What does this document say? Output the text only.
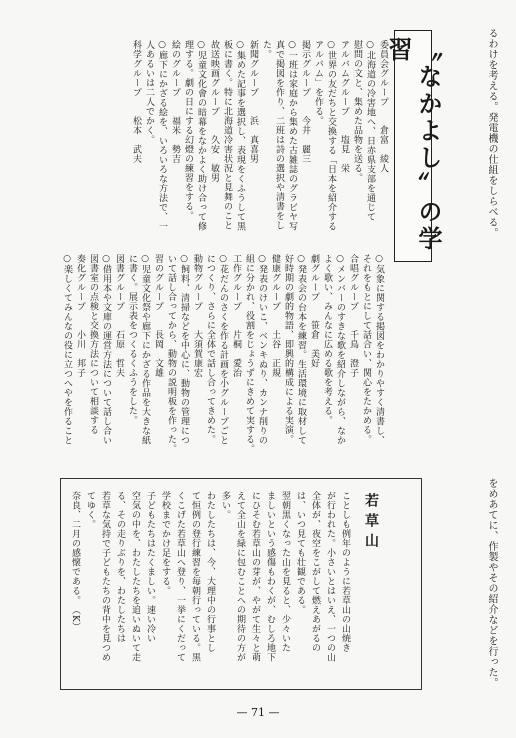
るわけを考える。発電機の仕組をしらべる。
〝なかよし〞の学習
委員会グループ　　倉富　綾人
○北海道の冷害地へ、日赤県支部を通じて
慰問の文と、集めた品物を送る。
アルバムグループ　　塩見　栄
○世界の友だちと交換する「日本を紹介する
アルバム」を作る。
掲示グループ　　今井　麗三
○一班は家庭から集めた古雑誌のグラビヤ写
真で掲図を作り、二班は詩の選択や清書をし
た。
新聞グループ　　浜　真喜男
○集めた記事を選択し、表現をくふうして黒
板に書く。特に北海道冷害状況と見舞のこと
故送映画グループ　　久安　敏男
○児童文化會の暗幕をなかよく助け合って修
理する。劇の日にする幻燈の練習をする。
絵のグループ　　福米　勢吉
○廊下にかざる絵を、いろいろな方法で、一
人あるいは二人でかく。
科学グループ　　松本　武夫
○気象に関する掲図をわかりやすく清書し、
それをもとにして話合い、関心をたかめる。
合唱グループ　　千鳥　澄子
○メンバーのすきな歌を紹介しながら、なか
よく歌い、みんなに広める歌を考える。
劇グループ　　笹倉　美好
○発表会の台本を練習。生活環境に取材して
好時期の劇的物語、即興的構成による実演。
健康グループ　　土谷　正規
○発表のけいこ、ベンキぬり、カンナ削りの
組に分かれ、役割をじょうずにきめて実する。
工作グループ　　片桐　愛治
○花だんのさくを作る計画を小グループごと
につくり、さらに全体で話し合ってきめた。
動物グループ　　大須賀康宏
○飼料、清掃などを中心に、動物の管理につ
いて話し合ってから、動物の説明板を作った。
習のグループ　　長岡　文雄
○児童文化祭や廊下にかざる作品を大きな紙
に書く。展示表をつくるくふうをした。
図書グループ　　石原　哲夫
○借用本や文庫の運営方法について話し合い
図書室の点検と交換方法について相談する
奏化グループ　　小川　邦子
○楽しくてみんなの役に立つへやを作ること
をめあてに、作製やその紹介などを行った。
若草山
ことしも例年のように若草山の山焼き
が行われた。小さいとはいえ、一つの山
全体が、夜空をこがして燃えあがるの
は、いつ見ても壮観である。
翌朝黒くなった山を見ると、少々いた
ましいという感傷もわくが、むしろ地下
にひそむ若草山の芽が、やがて生々と萌
えて全山を緑に包むことへの期待の方が
多い。
わたしたちは、今、大理中の行事とし
て恒例の登行練習を毎朝行っている。黒
くこげた若草山へ登り、一挙にくだって
学校までかけ足をする。
子どもたちはたくましい。速い冷い
空気の中を、わたしたちを追いぬいて走
る、その走りぶりを、わたしたちは
若草な気持で子どもたちの背中を見つめ
てゆく。
奈良、二月の感懐である。　（K）
— 71 —
